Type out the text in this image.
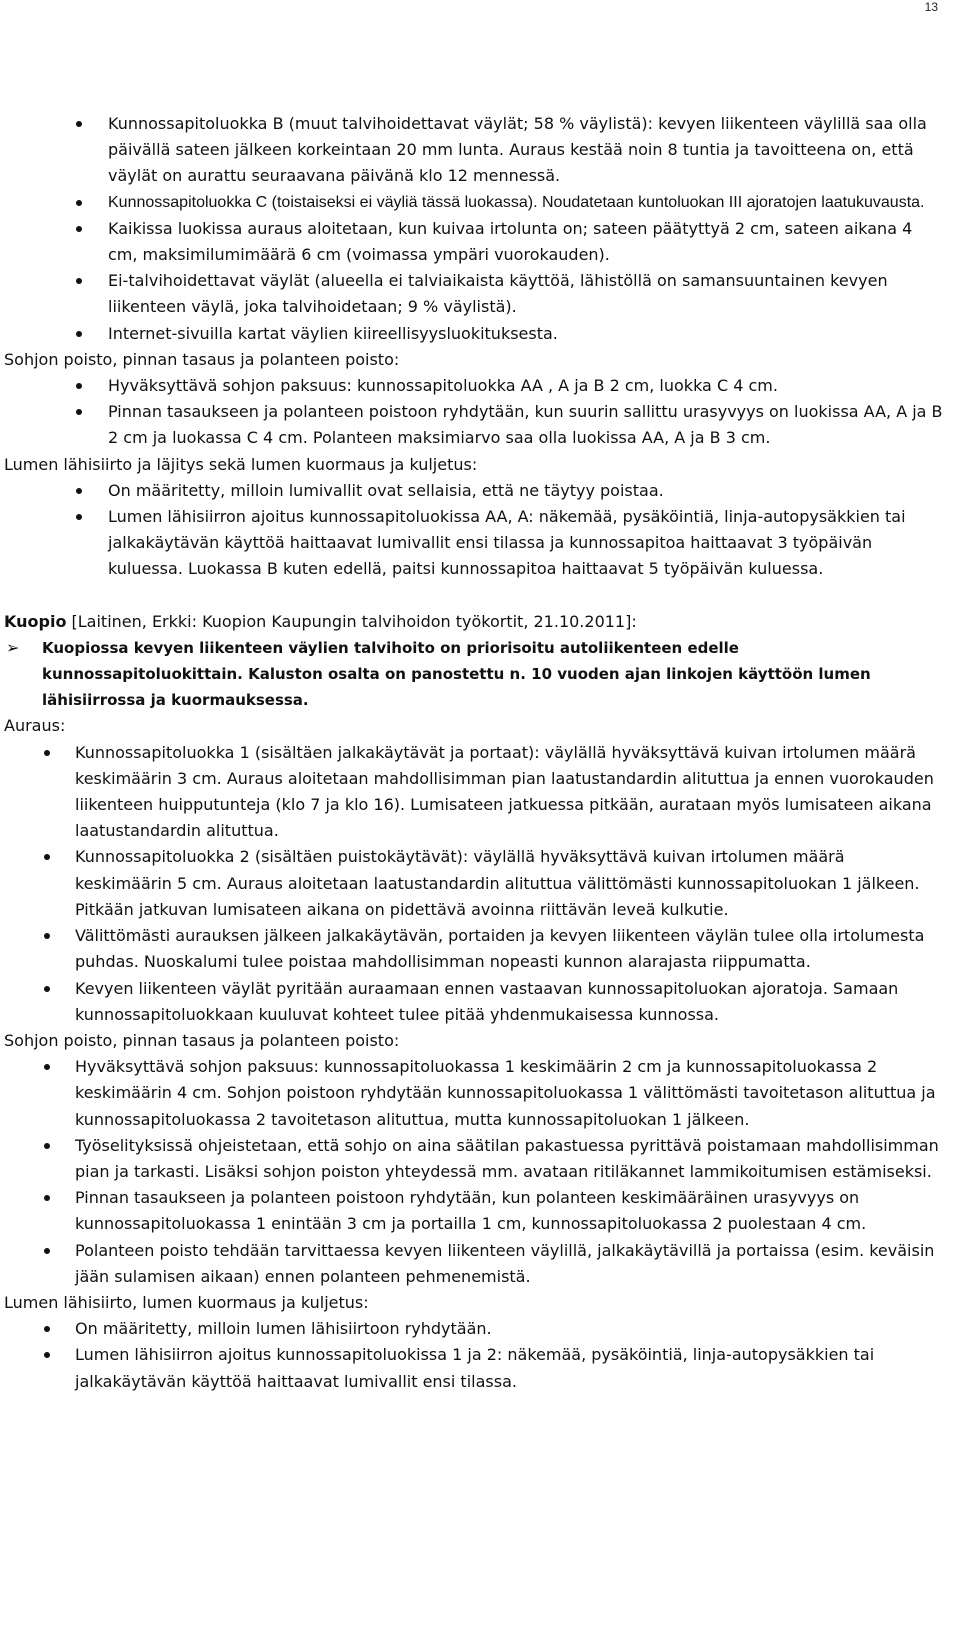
13
Kunnossapitoluokka B (muut talvihoidettavat väylät; 58 % väylistä): kevyen liikenteen väylillä saa olla päivällä sateen jälkeen korkeintaan 20 mm lunta. Auraus kestää noin 8 tuntia ja tavoitteena on, että väylät on aurattu seuraavana päivänä klo 12 mennessä.
Kunnossapitoluokka C (toistaiseksi ei väyliä tässä luokassa). Noudatetaan kuntoluokan III ajoratojen laatukuvausta.
Kaikissa luokissa auraus aloitetaan, kun kuivaa irtolunta on; sateen päätyttyä 2 cm, sateen aikana 4 cm, maksimilumimäärä 6 cm (voimassa ympäri vuorokauden).
Ei-talvihoidettavat väylät (alueella ei talviaikaista käyttöä, lähistöllä on samansuuntainen kevyen liikenteen väylä, joka talvihoidetaan; 9 % väylistä).
Internet-sivuilla kartat väylien kiireellisyysluokituksesta.
Sohjon poisto, pinnan tasaus ja polanteen poisto:
Hyväksyttävä sohjon paksuus: kunnossapitoluokka AA , A ja B 2 cm, luokka C 4 cm.
Pinnan tasaukseen ja polanteen poistoon ryhdytään, kun suurin sallittu urasyvyys on luokissa AA, A ja B 2 cm ja luokassa C 4 cm. Polanteen maksimiarvo saa olla luokissa AA, A ja B 3 cm.
Lumen lähisiirto ja läjitys sekä lumen kuormaus ja kuljetus:
On määritetty, milloin lumivallit ovat sellaisia, että ne täytyy poistaa.
Lumen lähisiirron ajoitus kunnossapitoluokissa AA, A: näkemää, pysäköintiä, linja-autopysäkkien tai jalkakäytävän käyttöä haittaavat lumivallit ensi tilassa ja kunnossapitoa haittaavat 3 työpäivän kuluessa. Luokassa B kuten edellä, paitsi kunnossapitoa haittaavat 5 työpäivän kuluessa.
Kuopio [Laitinen, Erkki: Kuopion Kaupungin talvihoidon työkortit, 21.10.2011]:
➢ Kuopiossa kevyen liikenteen väylien talvihoito on priorisoitu autoliikenteen edelle kunnossapitoluokittain. Kaluston osalta on panostettu n. 10 vuoden ajan linkojen käyttöön lumen lähisiirrossa ja kuormauksessa.
Auraus:
Kunnossapitoluokka 1 (sisältäen jalkakäytävät ja portaat): väylällä hyväksyttävä kuivan irtolumen määrä keskimäärin 3 cm. Auraus aloitetaan mahdollisimman pian laatustandardin alituttua ja ennen vuorokauden liikenteen huipputunteja (klo 7 ja klo 16). Lumisateen jatkuessa pitkään, aurataan myös lumisateen aikana laatustandardin alituttua.
Kunnossapitoluokka 2 (sisältäen puistokäytävät): väylällä hyväksyttävä kuivan irtolumen määrä keskimäärin 5 cm. Auraus aloitetaan laatustandardin alituttua välittömästi kunnossapitoluokan 1 jälkeen. Pitkään jatkuvan lumisateen aikana on pidettävä avoinna riittävän leveä kulkutie.
Välittömästi aurauksen jälkeen jalkakäytävän, portaiden ja kevyen liikenteen väylän tulee olla irtolumesta puhdas. Nuoskalumi tulee poistaa mahdollisimman nopeasti kunnon alarajasta riippumatta.
Kevyen liikenteen väylät pyritään auraamaan ennen vastaavan kunnossapitoluokan ajoratoja. Samaan kunnossapitoluokkaan kuuluvat kohteet tulee pitää yhdenmukaisessa kunnossa.
Sohjon poisto, pinnan tasaus ja polanteen poisto:
Hyväksyttävä sohjon paksuus: kunnossapitoluokassa 1 keskimäärin 2 cm ja kunnossapitoluokassa 2 keskimäärin 4 cm. Sohjon poistoon ryhdytään kunnossapitoluokassa 1 välittömästi tavoitetason alituttua ja kunnossapitoluokassa 2 tavoitetason alituttua, mutta kunnossapitoluokan 1 jälkeen.
Työselityksissä ohjeistetaan, että sohjo on aina säätilan pakastuessa pyrittävä poistamaan mahdollisimman pian ja tarkasti. Lisäksi sohjon poiston yhteydessä mm. avataan ritiläkannet lammikoitumisen estämiseksi.
Pinnan tasaukseen ja polanteen poistoon ryhdytään, kun polanteen keskimääräinen urasyvyys on kunnossapitoluokassa 1 enintään 3 cm ja portailla 1 cm, kunnossapitoluokassa 2 puolestaan 4 cm.
Polanteen poisto tehdään tarvittaessa kevyen liikenteen väylillä, jalkakäytävillä ja portaissa (esim. keväisin jään sulamisen aikaan) ennen polanteen pehmenemistä.
Lumen lähisiirto, lumen kuormaus ja kuljetus:
On määritetty, milloin lumen lähisiirtoon ryhdytään.
Lumen lähisiirron ajoitus kunnossapitoluokissa 1 ja 2: näkemää, pysäköintiä, linja-autopysäkkien tai jalkakäytävän käyttöä haittaavat lumivallit ensi tilassa.
